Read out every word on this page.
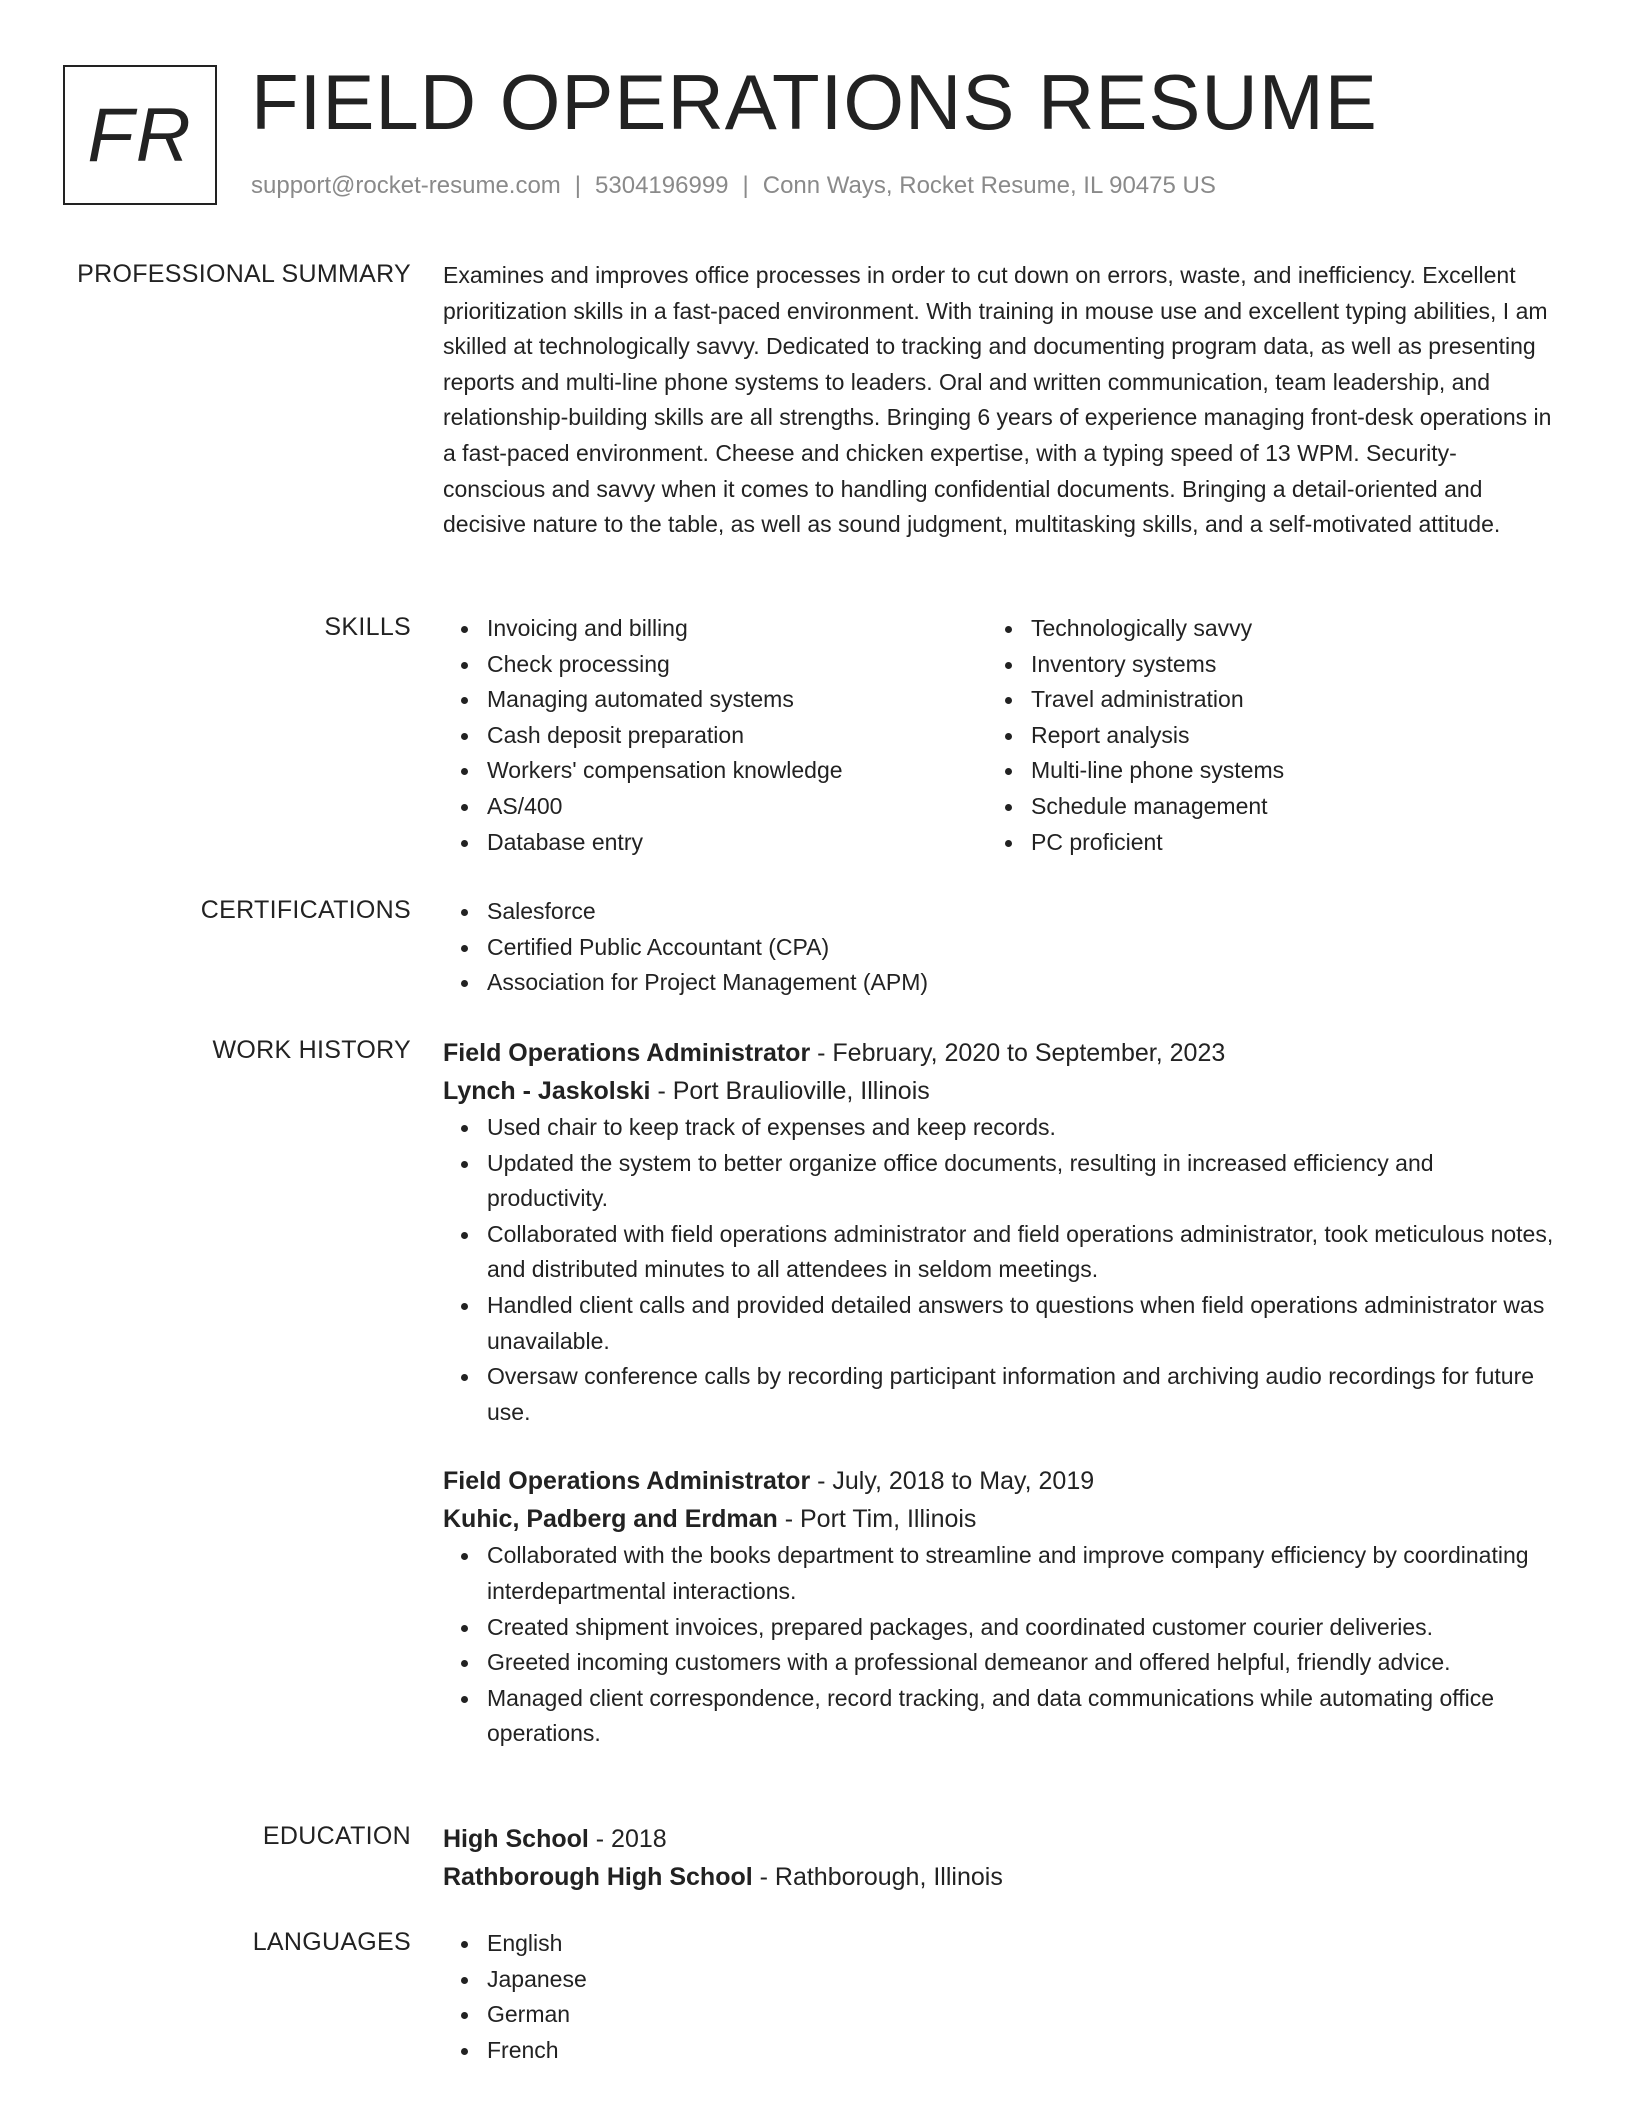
FR FIELD OPERATIONS RESUME
support@rocket-resume.com | 5304196999 | Conn Ways, Rocket Resume, IL 90475 US
PROFESSIONAL SUMMARY Examines and improves office processes in order to cut down on errors, waste, and inefficiency. Excellent prioritization skills in a fast-paced environment. With training in mouse use and excellent typing abilities, I am skilled at technologically savvy. Dedicated to tracking and documenting program data, as well as presenting reports and multi-line phone systems to leaders. Oral and written communication, team leadership, and relationship-building skills are all strengths. Bringing 6 years of experience managing front-desk operations in a fast-paced environment. Cheese and chicken expertise, with a typing speed of 13 WPM. Security-conscious and savvy when it comes to handling confidential documents. Bringing a detail-oriented and decisive nature to the table, as well as sound judgment, multitasking skills, and a self-motivated attitude.

SKILLS	Invoicing and billing
Check processing
Managing automated systems
Cash deposit preparation
Workers' compensation knowledge
AS/400
Database entry
Technologically savvy
Inventory systems
Travel administration
Report analysis
Multi-line phone systems
Schedule management
PC proficient
CERTIFICATIONS	Salesforce
Certified Public Accountant (CPA)
Association for Project Management (APM)
WORK HISTORY Field Operations Administrator - February, 2020 to September, 2023
Lynch - Jaskolski - Port Braulioville, Illinois
Used chair to keep track of expenses and keep records.
Updated the system to better organize office documents, resulting in increased efficiency and productivity.
Collaborated with field operations administrator and field operations administrator, took meticulous notes, and distributed minutes to all attendees in seldom meetings.
Handled client calls and provided detailed answers to questions when field operations administrator was unavailable.
Oversaw conference calls by recording participant information and archiving audio recordings for future use.
Field Operations Administrator - July, 2018 to May, 2019
Kuhic, Padberg and Erdman - Port Tim, Illinois
Collaborated with the books department to streamline and improve company efficiency by coordinating interdepartmental interactions.
Created shipment invoices, prepared packages, and coordinated customer courier deliveries.
Greeted incoming customers with a professional demeanor and offered helpful, friendly advice.
Managed client correspondence, record tracking, and data communications while automating office operations.
EDUCATION High School - 2018
Rathborough High School - Rathborough, Illinois
LANGUAGES	English
Japanese
German
French
